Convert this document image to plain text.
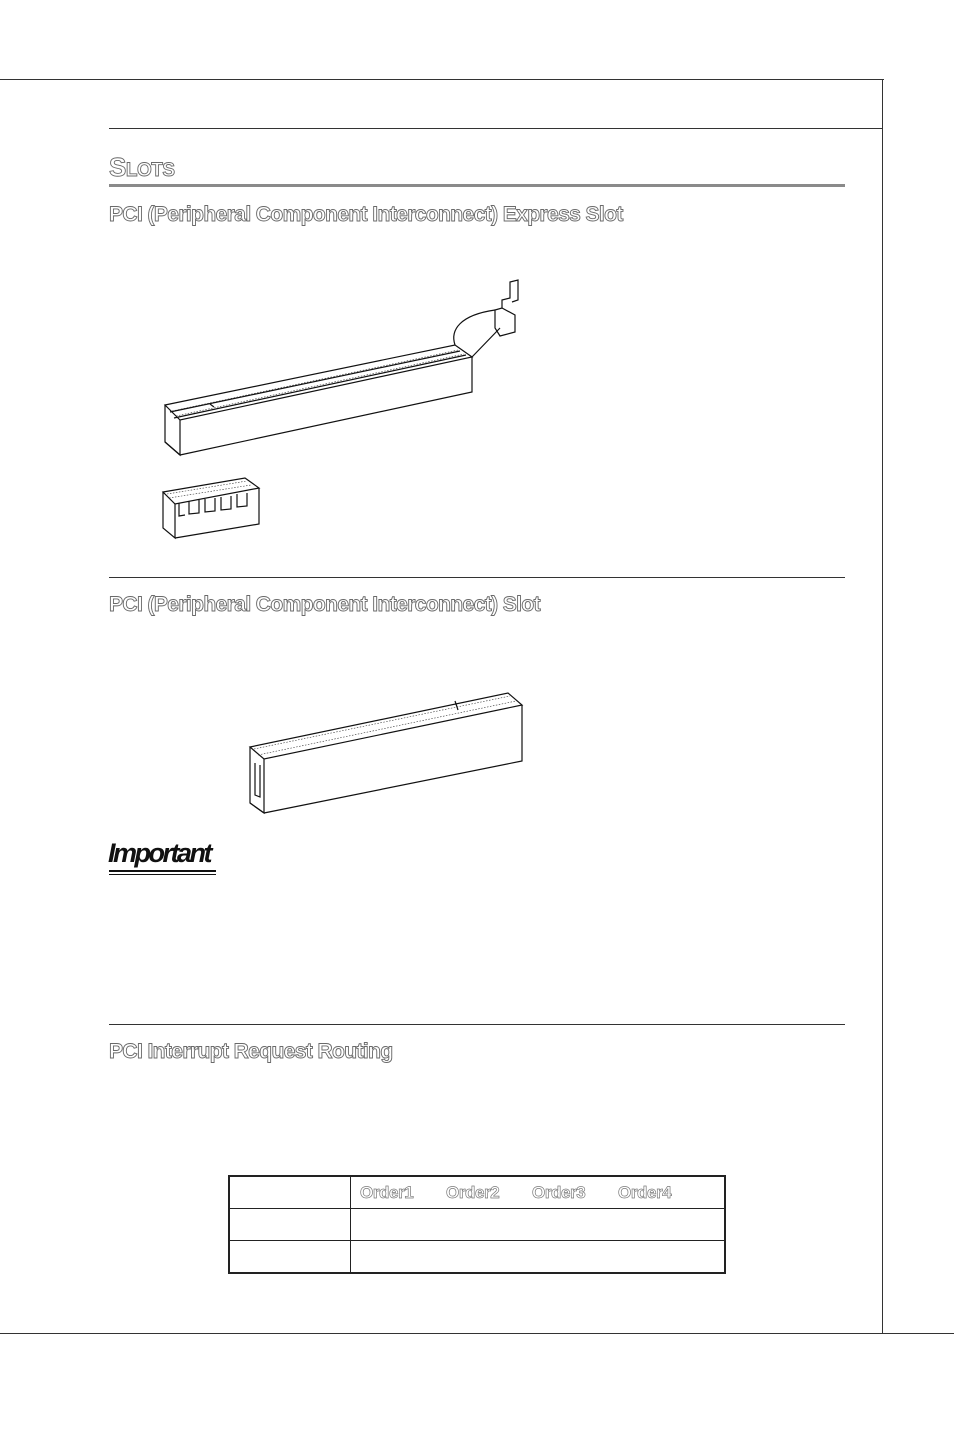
SLOTS
PCI (Peripheral Component Interconnect) Express Slot
PCI (Peripheral Component Interconnect) Slot
Important
PCI Interrupt Request Routing

	Order1 Order2 Order3 Order4
